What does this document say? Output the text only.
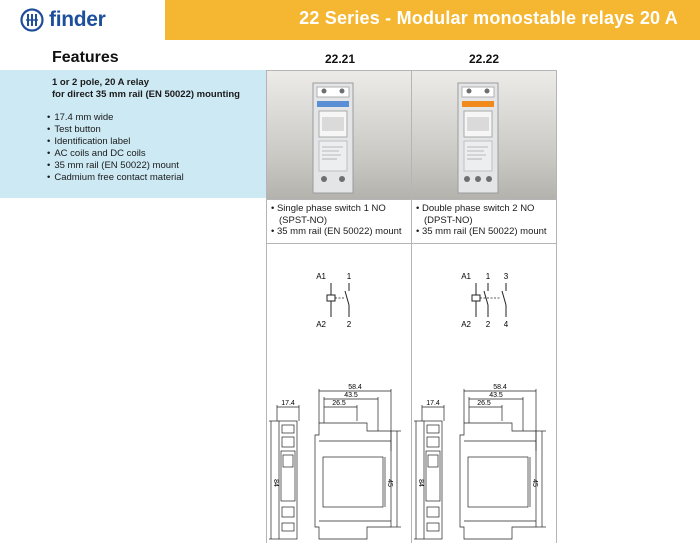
finder	22 Series - Modular monostable relays 20 A
Features	22.21	22.22
1 or 2 pole, 20 A relay
for direct 35 mm rail (EN 50022) mounting
• 17.4 mm wide
• Test button
• Identification label
• AC coils and DC coils
• 35 mm rail (EN 50022) mount
• Cadmium free contact material
• Single phase switch 1 NO
(SPST-NO)
• 35 mm rail (EN 50022) mount
• Double phase switch 2 NO
(DPST-NO)
• 35 mm rail (EN 50022) mount
A1	1
A2	2
A1 1 3
A2 2 4
58.4
43.5
26.5
17.4
84	45
58.4
43.5
26.5
17.4
84	45
